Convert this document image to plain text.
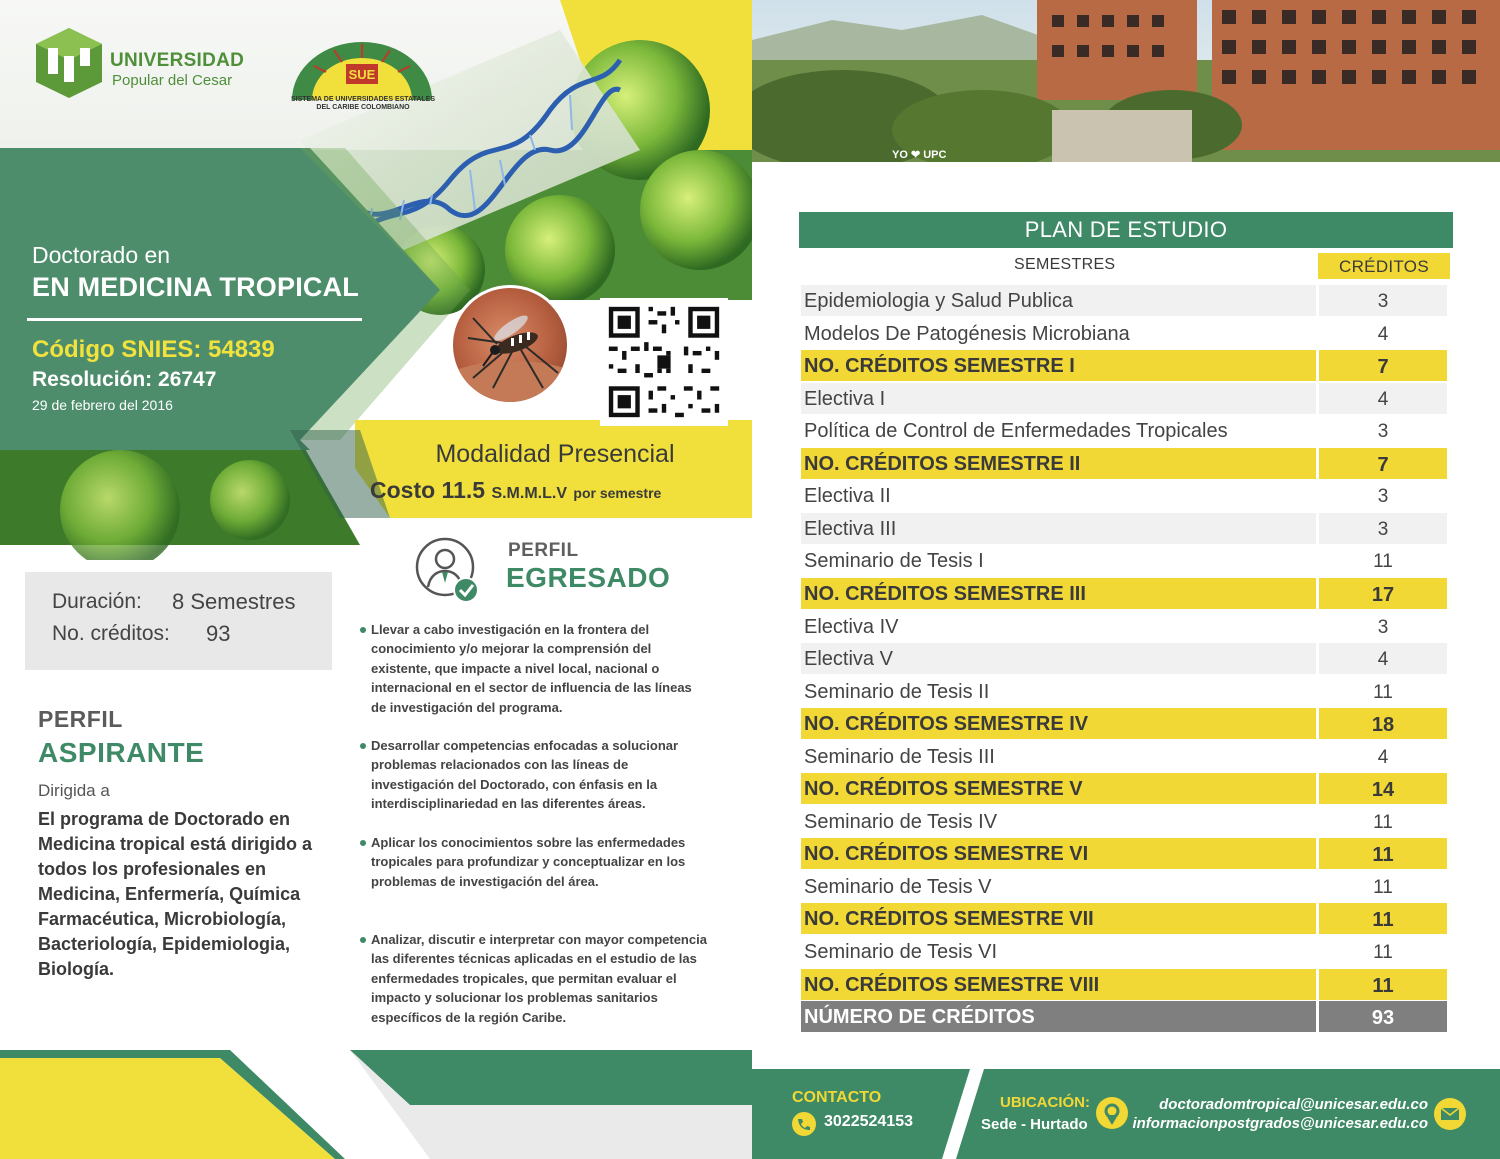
UNIVERSIDAD
Popular del Cesar	SUE
SISTEMA DE UNIVERSIDADES ESTATALES
DEL CARIBE COLOMBIANO
Doctorado en
EN MEDICINA TROPICAL
Código SNIES: 54839
Resolución: 26747
29 de febrero del 2016
Modalidad Presencial
Costo 11.5 S.M.M.L.V por semestre
Duración: 8 Semestres
No. créditos: 93
PERFIL
ASPIRANTE
Dirigida a
El programa de Doctorado en Medicina tropical está dirigido a todos los profesionales en Medicina, Enfermería, Química Farmacéutica, Microbiología, Bacteriología, Epidemiologia, Biología.
PERFIL
EGRESADO
Llevar a cabo investigación en la frontera del conocimiento y/o mejorar la comprensión del existente, que impacte a nivel local, nacional o internacional en el sector de influencia de las líneas de investigación del programa.
Desarrollar competencias enfocadas a solucionar problemas relacionados con las líneas de investigación del Doctorado, con énfasis en la interdisciplinariedad en las diferentes áreas.
Aplicar los conocimientos sobre las enfermedades tropicales para profundizar y conceptualizar en los problemas de investigación del área.
Analizar, discutir e interpretar con mayor competencia las diferentes técnicas aplicadas en el estudio de las enfermedades tropicales, que permitan evaluar el impacto y solucionar los problemas sanitarios específicos de la región Caribe.
YO ❤ UPC
PLAN DE ESTUDIO
SEMESTRES	CRÉDITOS
Epidemiologia y Salud Publica	3
Modelos De Patogénesis Microbiana	4
NO. CRÉDITOS SEMESTRE I	7
Electiva I	4
Política de Control de Enfermedades Tropicales	3
NO. CRÉDITOS SEMESTRE II	7
Electiva II	3
Electiva III	3
Seminario de Tesis I	11
NO. CRÉDITOS SEMESTRE III	17
Electiva IV	3
Electiva V	4
Seminario de Tesis II	11
NO. CRÉDITOS SEMESTRE IV	18
Seminario de Tesis III	4
NO. CRÉDITOS SEMESTRE V	14
Seminario de Tesis IV	11
NO. CRÉDITOS SEMESTRE VI	11
Seminario de Tesis V	11
NO. CRÉDITOS SEMESTRE VII	11
Seminario de Tesis VI	11
NO. CRÉDITOS SEMESTRE VIII	11
NÚMERO DE CRÉDITOS	93
CONTACTO
3022524153
UBICACIÓN:
Sede - Hurtado
doctoradomtropical@unicesar.edu.co
informacionpostgrados@unicesar.edu.co
